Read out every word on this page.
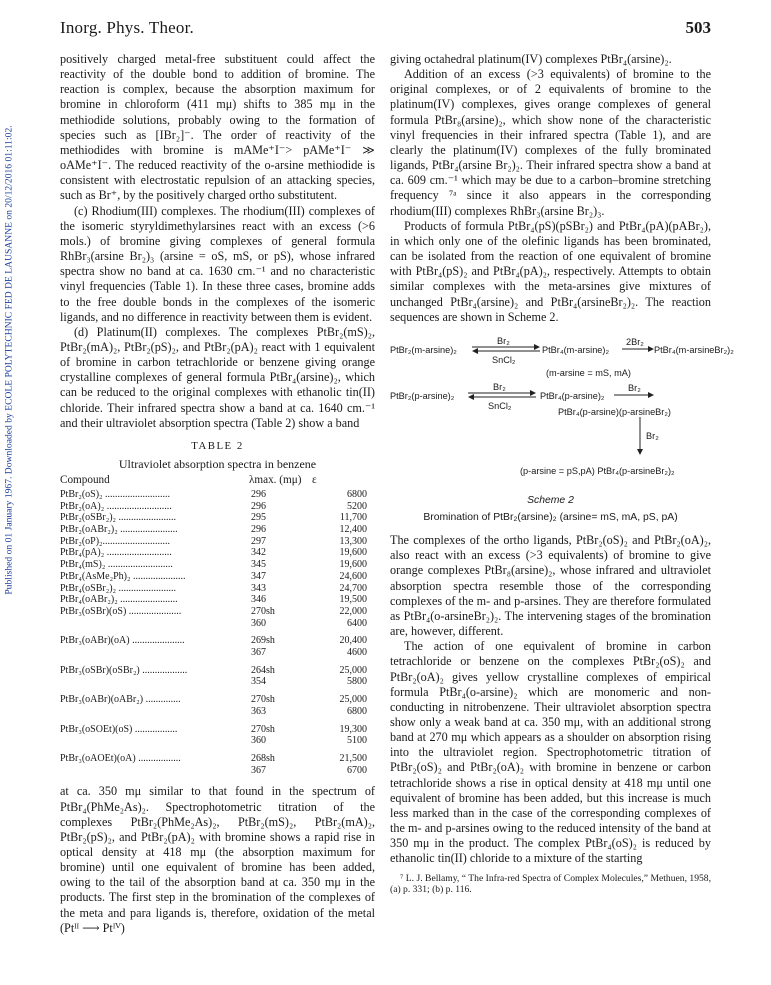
Published on 01 January 1967. Downloaded by ECOLE POLYTECHNIC FED DE LAUSANNE on 20/12/2016 01:11:02.
Inorg. Phys. Theor.	503

positively charged metal-free substituent could affect the reactivity of the double bond to addition of bromine. The reaction is complex, because the absorption maximum for bromine in chloroform (411 mμ) shifts to 385 mμ in the methiodide solutions, probably owing to the formation of species such as [IBr₂]⁻. The order of reactivity of the methiodides with bromine is mAMe⁺I⁻> pAMe⁺I⁻ ≫ oAMe⁺I⁻. The reduced reactivity of the o-arsine methiodide is consistent with electrostatic repulsion of an attacking species, such as Br⁺, by the positively charged ortho substitutent.

(c) Rhodium(III) complexes. The rhodium(III) complexes of the isomeric styryldimethylarsines react with an excess (>6 mols.) of bromine giving complexes of general formula RhBr₃(arsine Br₂)₃ (arsine = oS, mS, or pS), whose infrared spectra show no band at ca. 1630 cm.⁻¹ and no characteristic vinyl frequencies (Table 1). In these three cases, bromine adds to the free double bonds in the complexes of the isomeric ligands, and no difference in reactivity between them is evident.

(d) Platinum(II) complexes. The complexes PtBr₂(mS)₂, PtBr₂(mA)₂, PtBr₂(pS)₂, and PtBr₂(pA)₂ react with 1 equivalent of bromine in carbon tetrachloride or benzene giving orange crystalline complexes of general formula PtBr₄(arsine)₂, which can be reduced to the original complexes with ethanolic tin(II) chloride. Their infrared spectra show a band at ca. 1640 cm.⁻¹ and their ultraviolet absorption spectra (Table 2) show a band

TABLE 2
Ultraviolet absorption spectra in benzene
Compound	λmax. (mμ)	ε
PtBr₂(oS)₂ ..........................	296	6800
PtBr₂(oA)₂ ..........................	296	5200
PtBr₂(oSBr₂)₂ .......................	295	11,700
PtBr₂(oABr₂)₂ .......................	296	12,400
PtBr₂(oP)₂...........................	297	13,300
PtBr₄(pA)₂ ..........................	342	19,600
PtBr₄(mS)₂ ..........................	345	19,600
PtBr₄(AsMe₂Ph)₂ .....................	347	24,600
PtBr₄(oSBr₂)₂ .......................	343	24,700
PtBr₄(oABr₂)₂ .......................	346	19,500
PtBr₃(oSBr)(oS) .....................	270sh	22,000
	360	6400
PtBr₃(oABr)(oA) .....................	269sh	20,400
	367	4600
PtBr₃(oSBr)(oSBr₂) ..................	264sh	25,000
	354	5800
PtBr₃(oABr)(oABr₂) ..............	270sh	25,000
	363	6800
PtBr₃(oSOEt)(oS) .................	270sh	19,300
	360	5100
PtBr₃(oAOEt)(oA) .................	268sh	21,500
	367	6700

at ca. 350 mμ similar to that found in the spectrum of PtBr₄(PhMe₂As)₂. Spectrophotometric titration of the complexes PtBr₂(PhMe₂As)₂, PtBr₂(mS)₂, PtBr₂(mA)₂, PtBr₂(pS)₂, and PtBr₂(pA)₂ with bromine shows a rapid rise in optical density at 418 mμ (the absorption maximum for bromine) until one equivalent of bromine has been added, owing to the tail of the absorption band at ca. 350 mμ in the products. The first step in the bromination of the complexes of the meta and para ligands is, therefore, oxidation of the metal (Ptᴵᴵ ⟶ Ptᴵⱽ)

giving octahedral platinum(IV) complexes PtBr₄(arsine)₂.

Addition of an excess (>3 equivalents) of bromine to the original complexes, or of 2 equivalents of bromine to the platinum(IV) complexes, gives orange complexes of general formula PtBr₈(arsine)₂, which show none of the characteristic vinyl frequencies in their infrared spectra (Table 1), and are clearly the platinum(IV) complexes of the fully brominated ligands, PtBr₄(arsine Br₂)₂. Their infrared spectra show a band at ca. 609 cm.⁻¹ which may be due to a carbon–bromine stretching frequency ⁷ᵃ since it also appears in the corresponding rhodium(III) complexes RhBr₃(arsine Br₂)₃.

Products of formula PtBr₄(pS)(pSBr₂) and PtBr₄(pA)(pABr₂), in which only one of the olefinic ligands has been brominated, can be isolated from the reaction of one equivalent of bromine with PtBr₄(pS)₂ and PtBr₄(pA)₂, respectively. Attempts to obtain similar complexes with the meta-arsines give mixtures of unchanged PtBr₄(arsine)₂ and PtBr₄(arsineBr₂)₂. The reaction sequences are shown in Scheme 2.

PtBr₂(m-arsine)₂
Br₂
SnCl₂
PtBr₄(m-arsine)₂
2Br₂
PtBr₄(m-arsineBr₂)₂
(m-arsine = mS, mA)
PtBr₂(p-arsine)₂
Br₂
SnCl₂
PtBr₄(p-arsine)₂
Br₂
PtBr₄(p-arsine)(p-arsineBr₂)
Br₂
(p-arsine = pS,pA) PtBr₄(p-arsineBr₂)₂
Scheme 2
Bromination of PtBr₂(arsine)₂ (arsine= mS, mA, pS, pA)

The complexes of the ortho ligands, PtBr₂(oS)₂ and PtBr₂(oA)₂, also react with an excess (>3 equivalents) of bromine to give orange complexes PtBr₈(arsine)₂, whose infrared and ultraviolet absorption spectra resemble those of the corresponding complexes of the m- and p-arsines. They are therefore formulated as PtBr₄(o-arsineBr₂)₂. The intervening stages of the bromination are, however, different.

The action of one equivalent of bromine in carbon tetrachloride or benzene on the complexes PtBr₂(oS)₂ and PtBr₂(oA)₂ gives yellow crystalline complexes of empirical formula PtBr₄(o-arsine)₂ which are monomeric and non-conducting in nitrobenzene. Their ultraviolet absorption spectra show only a weak band at ca. 350 mμ, with an additional strong band at 270 mμ which appears as a shoulder on absorption rising into the ultraviolet region. Spectrophotometric titration of PtBr₂(oS)₂ and PtBr₂(oA)₂ with bromine in benzene or carbon tetrachloride shows a rise in optical density at 418 mμ until one equivalent of bromine has been added, but this increase is much less marked than in the case of the corresponding complexes of the m- and p-arsines owing to the reduced intensity of the band at 350 mμ in the product. The complex PtBr₄(oS)₂ is reduced by ethanolic tin(II) chloride to a mixture of the starting

⁷ L. J. Bellamy, “ The Infra-red Spectra of Complex Molecules,” Methuen, 1958, (a) p. 331; (b) p. 116.
